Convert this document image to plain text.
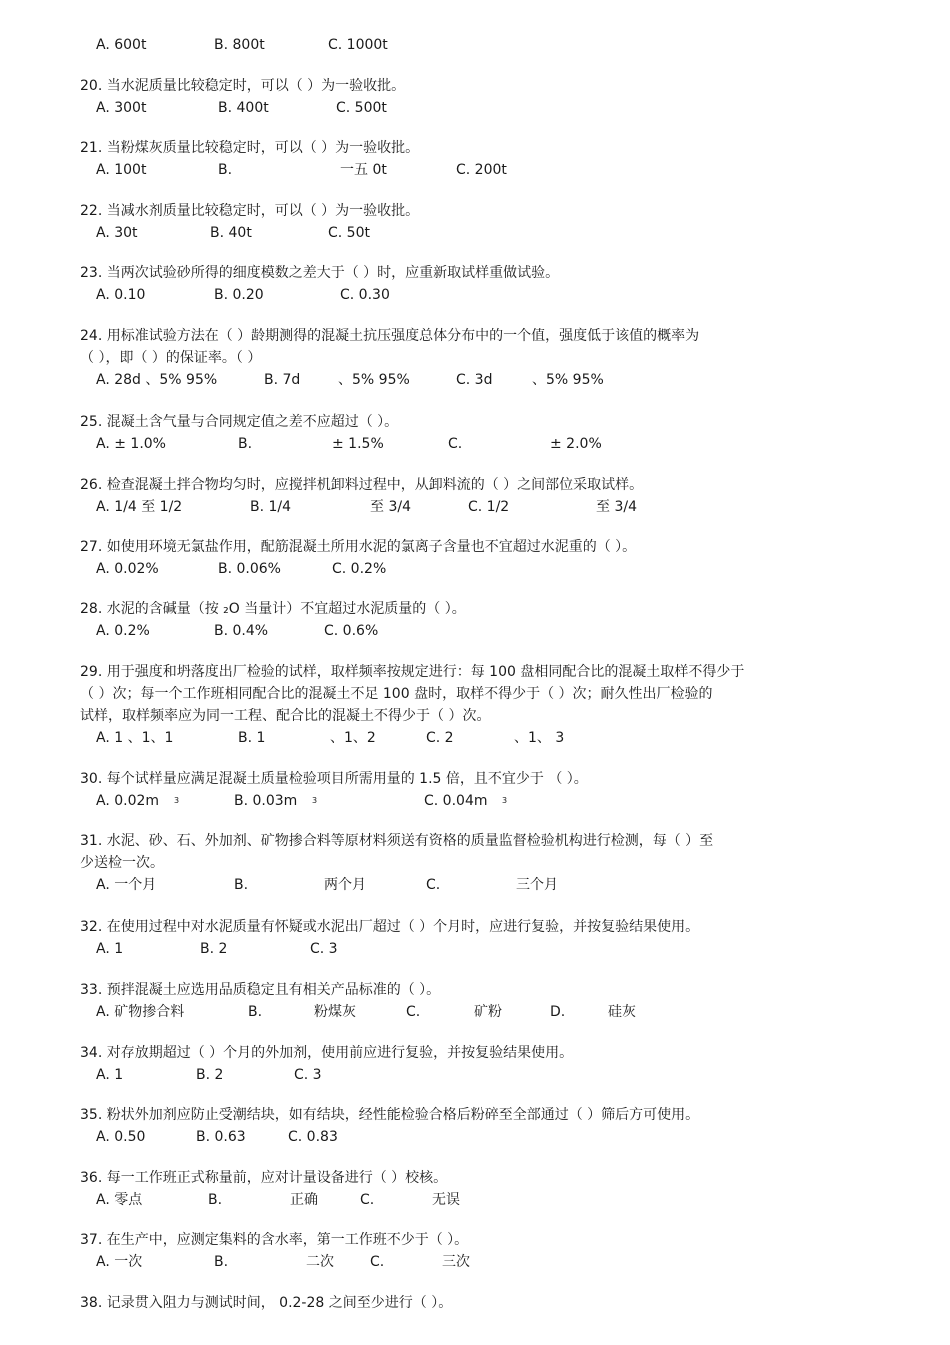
A. 600t	B. 800t	C. 1000t
20. 当水泥质量比较稳定时，可以（ ）为一验收批。
A. 300t	B. 400t	C. 500t
21. 当粉煤灰质量比较稳定时，可以（ ）为一验收批。
A. 100t	B.	一五 0t	C. 200t
22. 当减水剂质量比较稳定时，可以（ ）为一验收批。
A. 30t	B. 40t	C. 50t
23. 当两次试验砂所得的细度模数之差大于（ ）时，应重新取试样重做试验。
A. 0.10	B. 0.20	C. 0.30
24. 用标准试验方法在（ ）龄期测得的混凝土抗压强度总体分布中的一个值，强度低于该值的概率为
（ ），即（ ）的保证率。（ ）
A. 28d 、5% 95%	B. 7d	、5% 95%	C. 3d	、5% 95%
25. 混凝土含气量与合同规定值之差不应超过（ ）。
A. ± 1.0%	B.	± 1.5%	C.	± 2.0%
26. 检查混凝土拌合物均匀时，应搅拌机卸料过程中，从卸料流的（ ）之间部位采取试样。
A. 1/4 至 1/2	B. 1/4	至 3/4	C. 1/2	至 3/4
27. 如使用环境无氯盐作用，配筋混凝土所用水泥的氯离子含量也不宜超过水泥重的（ ）。
A. 0.02%	B. 0.06%	C. 0.2%
28. 水泥的含碱量（按 ₂O 当量计）不宜超过水泥质量的（ ）。
A. 0.2%	B. 0.4%	C. 0.6%
29. 用于强度和坍落度出厂检验的试样，取样频率按规定进行：每 100 盘相同配合比的混凝土取样不得少于
（ ）次；每一个工作班相同配合比的混凝土不足 100 盘时，取样不得少于（ ）次；耐久性出厂检验的
试样，取样频率应为同一工程、配合比的混凝土不得少于（ ）次。
A. 1 、1、1	B. 1	、1、2	C. 2	、1、 3
30. 每个试样量应满足混凝土质量检验项目所需用量的 1.5 倍，且不宜少于 （ ）。
A. 0.02m 3	B. 0.03m 3	C. 0.04m 3
31. 水泥、砂、石、外加剂、矿物掺合料等原材料须送有资格的质量监督检验机构进行检测，每（ ）至
少送检一次。
A. 一个月	B.	两个月	C.	三个月
32. 在使用过程中对水泥质量有怀疑或水泥出厂超过（ ）个月时，应进行复验，并按复验结果使用。
A. 1	B. 2	C. 3
33. 预拌混凝土应选用品质稳定且有相关产品标准的（ ）。
A. 矿物掺合料	B.	粉煤灰	C.	矿粉	D.	硅灰
34. 对存放期超过（ ）个月的外加剂，使用前应进行复验，并按复验结果使用。
A. 1	B. 2	C. 3
35. 粉状外加剂应防止受潮结块，如有结块，经性能检验合格后粉碎至全部通过（ ）筛后方可使用。
A. 0.50	B. 0.63	C. 0.83
36. 每一工作班正式称量前，应对计量设备进行（ ）校核。
A. 零点	B.	正确	C.	无误
37. 在生产中，应测定集料的含水率，第一工作班不少于（ ）。
A. 一次	B.	二次	C.	三次
38. 记录贯入阻力与测试时间， 0.2-28 之间至少进行（ ）。
